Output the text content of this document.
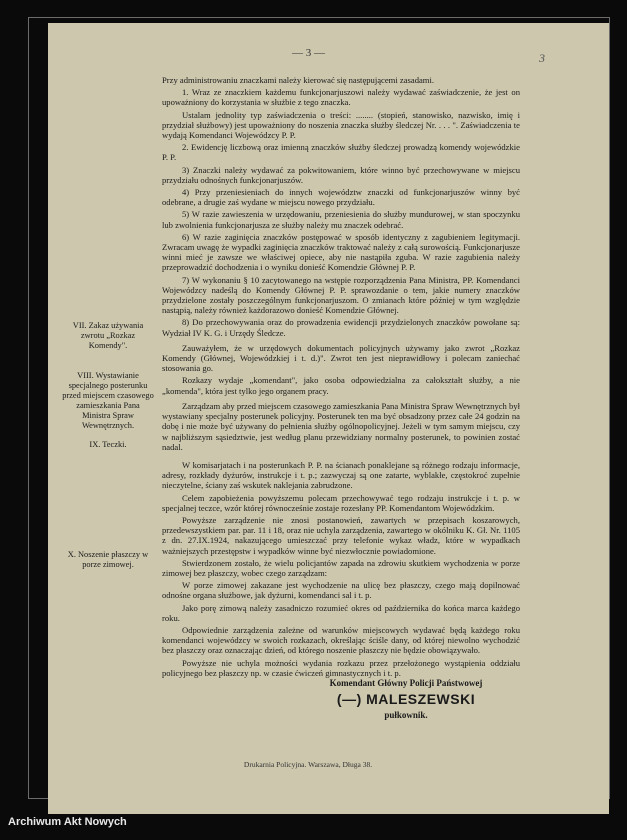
— 3 —	3

Przy administrowaniu znaczkami należy kierować się następującemi zasadami.

1. Wraz ze znaczkiem każdemu funkcjonarjuszowi należy wydawać zaświadczenie, że jest on upoważniony do korzystania w służbie z tego znaczka.

Ustalam jednolity typ zaświadczenia o treści: ........ (stopień, stanowisko, nazwisko, imię i przydział służbowy) jest upoważniony do noszenia znaczka służby śledczej Nr. . . . ". Zaświadczenia te wydają Komendanci Wojewódzcy P. P.

2. Ewidencję liczbową oraz imienną znaczków służby śledczej prowadzą komendy wojewódzkie P. P.

3) Znaczki należy wydawać za pokwitowaniem, które winno być przechowywane w miejscu przydziału odnośnych funkcjonarjuszów.

4) Przy przeniesieniach do innych województw znaczki od funkcjonarjuszów winny być odebrane, a drugie zaś wydane w miejscu nowego przydziału.

5) W razie zawieszenia w urzędowaniu, przeniesienia do służby mundurowej, w stan spoczynku lub zwolnienia funkcjonarjusza ze służby należy mu znaczek odebrać.

6) W razie zaginięcia znaczków postępować w sposób identyczny z zagubieniem legitymacji. Zwracam uwagę że wypadki zaginięcia znaczków traktować należy z całą surowością. Funkcjonarjusze winni mieć je zawsze we właściwej opiece, aby nie nastąpiła zguba. W razie zagubienia należy przeprowadzić dochodzenia i o wyniku donieść Komendzie Głównej P. P.

7) W wykonaniu § 10 zacytowanego na wstępie rozporządzenia Pana Ministra, PP. Komendanci Wojewódzcy nadeślą do Komendy Głównej P. P. sprawozdanie o tem, jakie numery znaczków przydzielone zostały poszczególnym funkcjonarjuszom. O zmianach które później w tym względzie nastąpią, należy również każdorazowo donieść Komendzie Głównej.

8) Do przechowywania oraz do prowadzenia ewidencji przydzielonych znaczków powołane są: Wydział IV K. G. i Urzędy Śledcze.

Zauważyłem, że w urzędowych dokumentach policyjnych używamy jako zwrot „Rozkaz Komendy (Głównej, Wojewódzkiej i t. d.)". Zwrot ten jest nieprawidłowy i polecam zaniechać stosowania go.

Rozkazy wydaje „komendant", jako osoba odpowiedzialna za całokształt służby, a nie „komenda", która jest tylko jego organem pracy.

Zarządzam aby przed miejscem czasowego zamieszkania Pana Ministra Spraw Wewnętrznych był wystawiany specjalny posterunek policyjny. Posterunek ten ma być obsadzony przez całe 24 godzin na dobę i nie może być używany do pełnienia służby ogólnopolicyjnej. Jeżeli w tym samym miejscu, czy w najbliższym sąsiedztwie, jest według planu przewidziany normalny posterunek, to powinien zostać nadal.

W komisarjatach i na posterunkach P. P. na ścianach ponaklejane są różnego rodzaju informacje, adresy, rozkłady dyżurów, instrukcje i t. p.; zazwyczaj są one zatarte, wyblakłe, częstokroć zupełnie nieczytelne, ściany zaś wskutek naklejania zabrudzone.

Celem zapobieżenia powyższemu polecam przechowywać tego rodzaju instrukcje i t. p. w specjalnej teczce, wzór której równocześnie zostaje rozesłany PP. Komendantom Wojewódzkim.

Powyższe zarządzenie nie znosi postanowień, zawartych w przepisach koszarowych, przedewszystkiem par. par. 11 i 18, oraz nie uchyla zarządzenia, zawartego w okólniku K. Gł. Nr. 1105 z dn. 27.IX.1924, nakazującego umieszczać przy telefonie wykaz władz, które w wypadkach ważniejszych przestępstw i wypadków winne być niezwłocznie powiadomione.

Stwierdzonem zostało, że wielu policjantów zapada na zdrowiu skutkiem wychodzenia w porze zimowej bez płaszczy, wobec czego zarządzam:

W porze zimowej zakazane jest wychodzenie na ulicę bez płaszczy, czego mają dopilnować odnośne organa służbowe, jak dyżurni, komendanci sal i t. p.

Jako porę zimową należy zasadniczo rozumieć okres od października do końca marca każdego roku.

Odpowiednie zarządzenia zależne od warunków miejscowych wydawać będą każdego roku komendanci wojewódzcy w swoich rozkazach, określając ściśle dany, od której niewolno wychodzić bez płaszczy oraz oznaczając dzień, od którego noszenie płaszczy nie będzie obowiązywało.

Powyższe nie uchyla możności wydania rozkazu przez przełożonego wystąpienia oddziału policyjnego bez płaszczy np. w czasie ćwiczeń gimnastycznych i t. p.

VII. Zakaz używania zwrotu „Rozkaz Komendy".
VIII. Wystawianie specjalnego posterunku przed miejscem czasowego zamieszkania Pana Ministra Spraw Wewnętrznych.
IX. Teczki.
X. Noszenie płaszczy w porze zimowej.
Komendant Główny Policji Państwowej
(—) MALESZEWSKI
pułkownik.
Drukarnia Policyjna. Warszawa, Długa 38.
Archiwum Akt Nowych
